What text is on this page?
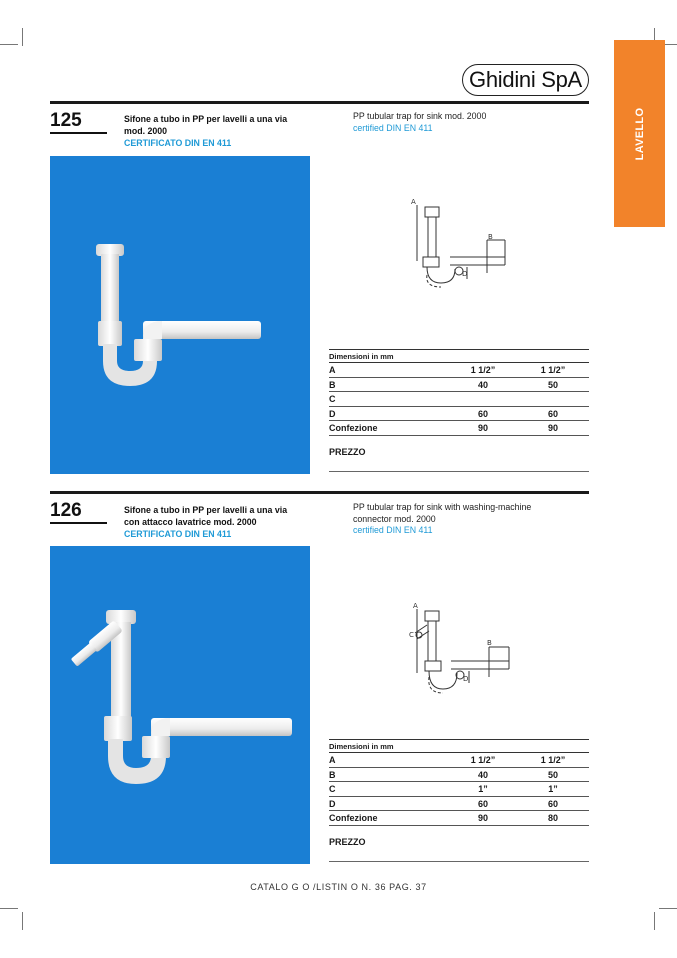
Ghidini SpA
LAVELLO
125	Sifone a tubo in PP per lavelli a una via
mod. 2000
CERTIFICATO DIN EN 411
PP tubular trap for sink mod. 2000
certified DIN EN 411
A
B
D
Dimensioni in mm
A	1 1/2”	1 1/2”
B	40	50
C
D	60	60
Confezione	90	90
PREZZO
126	Sifone a tubo in PP per lavelli a una via
con attacco lavatrice mod. 2000
CERTIFICATO DIN EN 411
PP tubular trap for sink with washing-machine
connector mod. 2000
certified DIN EN 411
A
B
C
D
Dimensioni in mm
A	1 1/2”	1 1/2”
B	40	50
C	1”	1”
D	60	60
Confezione	90	80
PREZZO
CATALO G O /LISTIN O N. 36 PAG. 37
